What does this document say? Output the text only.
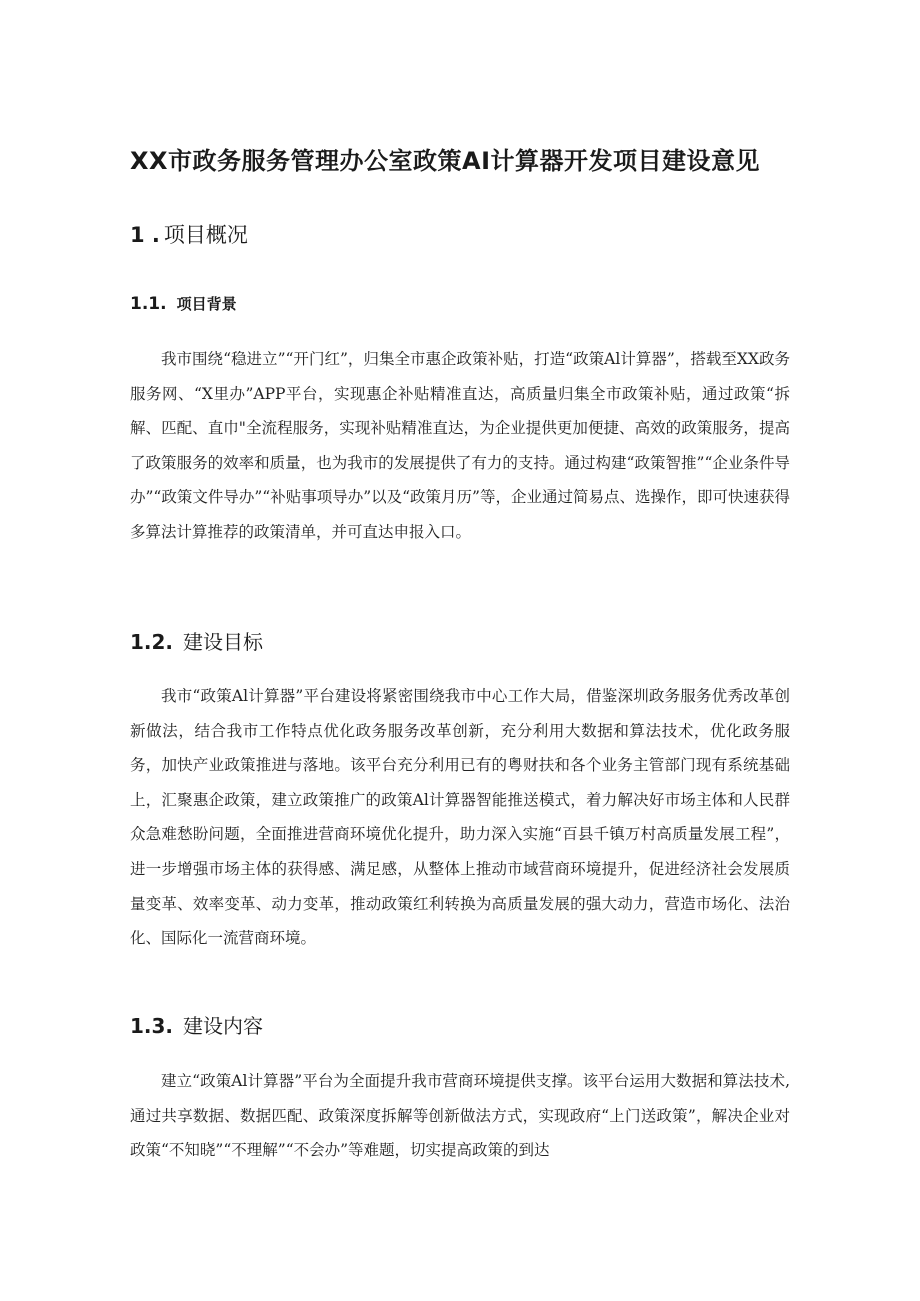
XX市政务服务管理办公室政策AI计算器开发项目建设意见
1 . 项目概况
1.1. 项目背景

我市围绕“稳进立”“开门红”，归集全市惠企政策补贴，打造“政策Al计算器”，搭载至XX政务服务网、“X里办”APP平台，实现惠企补贴精准直达，高质量归集全市政策补贴，通过政策“拆解、匹配、直巾"全流程服务，实现补贴精准直达，为企业提供更加便捷、高效的政策服务，提高了政策服务的效率和质量，也为我市的发展提供了有力的支持。通过构建“政策智推”“企业条件导办”“政策文件导办”“补贴事项导办”以及“政策月历”等，企业通过简易点、选操作，即可快速获得多算法计算推荐的政策清单，并可直达申报入口。

1.2. 建设目标

我市“政策Al计算器”平台建设将紧密围绕我市中心工作大局，借鉴深圳政务服务优秀改革创新做法，结合我市工作特点优化政务服务改革创新，充分利用大数据和算法技术，优化政务服务，加快产业政策推进与落地。该平台充分利用已有的粤财扶和各个业务主管部门现有系统基础上，汇聚惠企政策，建立政策推广的政策Al计算器智能推送模式，着力解决好市场主体和人民群众急难愁盼问题，全面推进营商环境优化提升，助力深入实施“百县千镇万村高质量发展工程”，进一步增强市场主体的获得感、满足感，从整体上推动市域营商环境提升，促进经济社会发展质量变革、效率变革、动力变革，推动政策红利转换为高质量发展的强大动力，营造市场化、法治化、国际化一流营商环境。

1.3. 建设内容

建立“政策Al计算器”平台为全面提升我市营商环境提供支撑。该平台运用大数据和算法技术,通过共享数据、数据匹配、政策深度拆解等创新做法方式，实现政府“上门送政策”，解决企业对政策“不知晓”“不理解”“不会办”等难题，切实提高政策的到达
